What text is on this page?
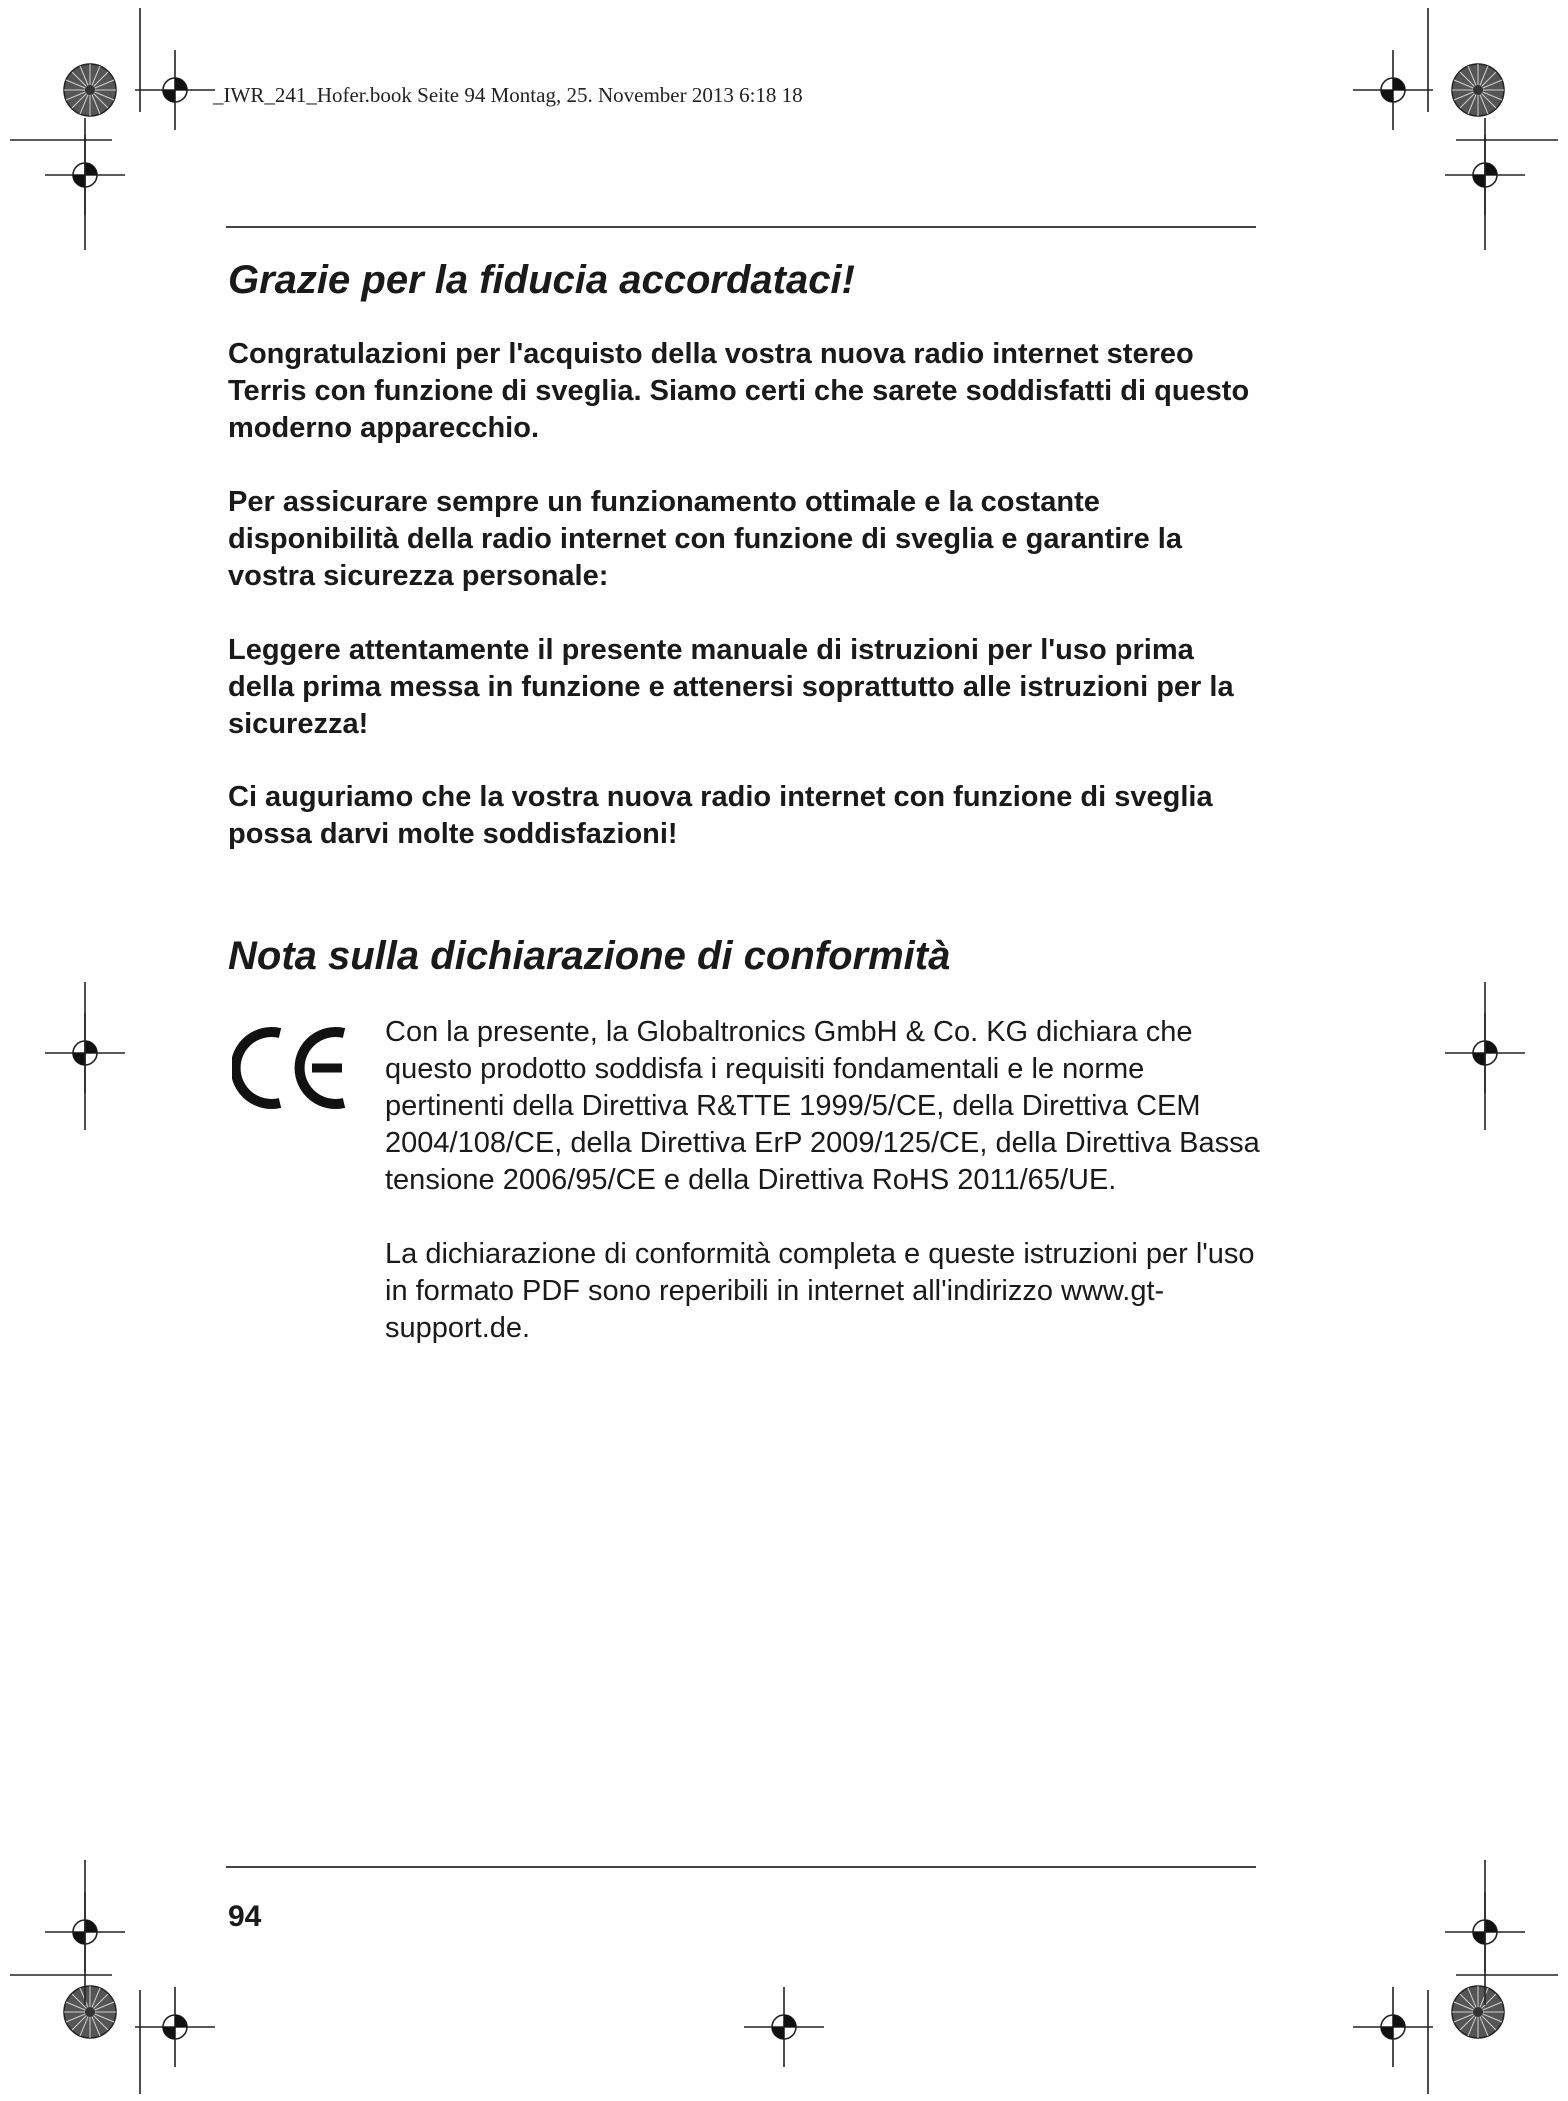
_IWR_241_Hofer.book Seite 94 Montag, 25. November 2013 6:18 18
Grazie per la fiducia accordataci!

Congratulazioni per l'acquisto della vostra nuova radio internet stereo Terris con funzione di sveglia. Siamo certi che sarete soddisfatti di questo moderno apparecchio.

Per assicurare sempre un funzionamento ottimale e la costante disponibilità della radio internet con funzione di sveglia e garantire la vostra sicurezza personale:

Leggere attentamente il presente manuale di istruzioni per l'uso prima della prima messa in funzione e attenersi soprattutto alle istruzioni per la sicurezza!

Ci auguriamo che la vostra nuova radio internet con funzione di sveglia possa darvi molte soddisfazioni!

Nota sulla dichiarazione di conformità

Con la presente, la Globaltronics GmbH & Co. KG dichiara che questo prodotto soddisfa i requisiti fondamentali e le norme pertinenti della Direttiva R&TTE 1999/5/CE, della Direttiva CEM 2004/108/CE, della Direttiva ErP 2009/125/CE, della Direttiva Bassa tensione 2006/95/CE e della Direttiva RoHS 2011/65/UE.

La dichiarazione di conformità completa e queste istruzioni per l'uso in formato PDF sono reperibili in internet all'indirizzo www.gt-support.de.

94
